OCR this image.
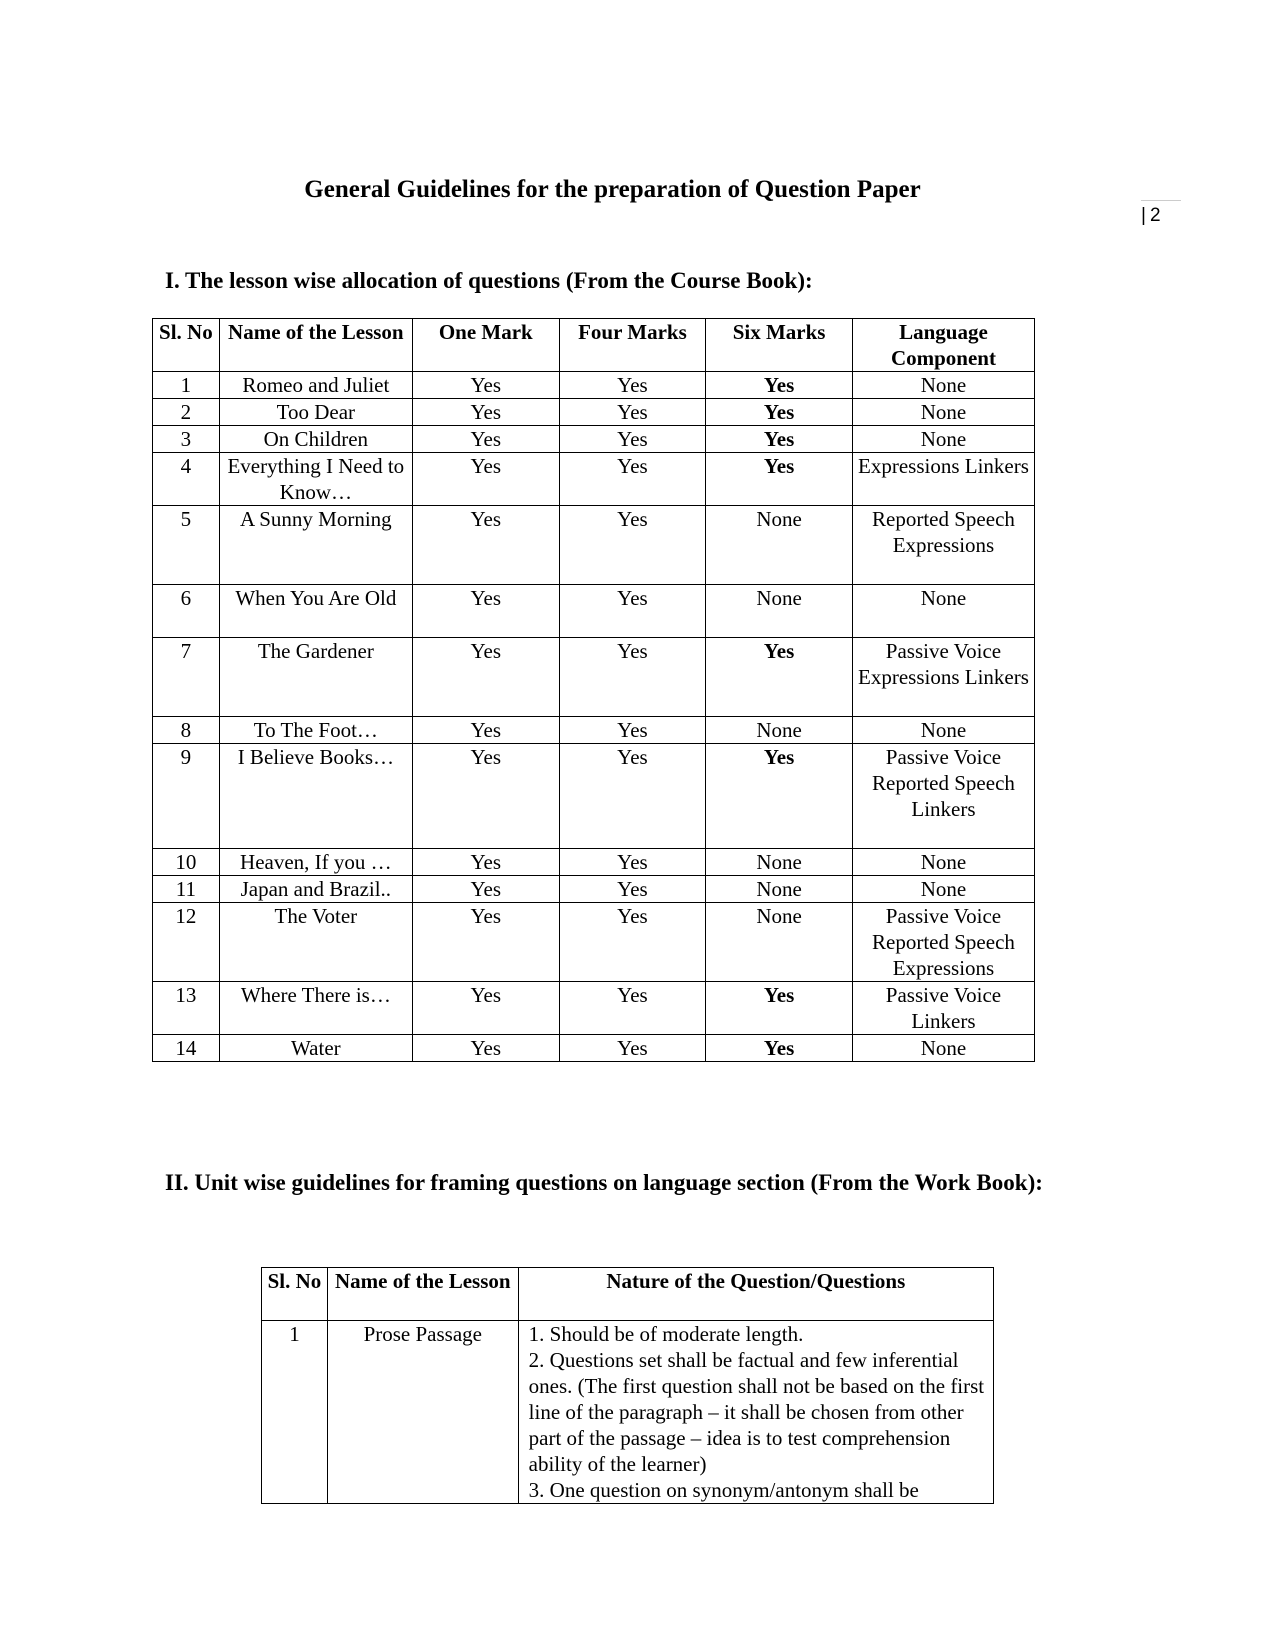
General Guidelines for the preparation of Question Paper
| 2
I. The lesson wise allocation of questions (From the Course Book):
Sl. No	Name of the Lesson	One Mark	Four Marks	Six Marks	Language Component
1	Romeo and Juliet	Yes	Yes	Yes	None
2	Too Dear	Yes	Yes	Yes	None
3	On Children	Yes	Yes	Yes	None
4	Everything I Need to Know…	Yes	Yes	Yes	Expressions Linkers
5	A Sunny Morning	Yes	Yes	None	Reported Speech Expressions
6	When You Are Old	Yes	Yes	None	None
7	The Gardener	Yes	Yes	Yes	Passive Voice Expressions Linkers
8	To The Foot…	Yes	Yes	None	None
9	I Believe Books…	Yes	Yes	Yes	Passive Voice Reported Speech Linkers
10	Heaven, If you …	Yes	Yes	None	None
11	Japan and Brazil..	Yes	Yes	None	None
12	The Voter	Yes	Yes	None	Passive Voice Reported Speech Expressions
13	Where There is…	Yes	Yes	Yes	Passive Voice Linkers
14	Water	Yes	Yes	Yes	None
II. Unit wise guidelines for framing questions on language section (From the Work Book):
Sl. No	Name of the Lesson	Nature of the Question/Questions
1	Prose Passage	1. Should be of moderate length.
2. Questions set shall be factual and few inferential ones. (The first question shall not be based on the first line of the paragraph – it shall be chosen from other part of the passage – idea is to test comprehension ability of the learner)
3. One question on synonym/antonym shall be
